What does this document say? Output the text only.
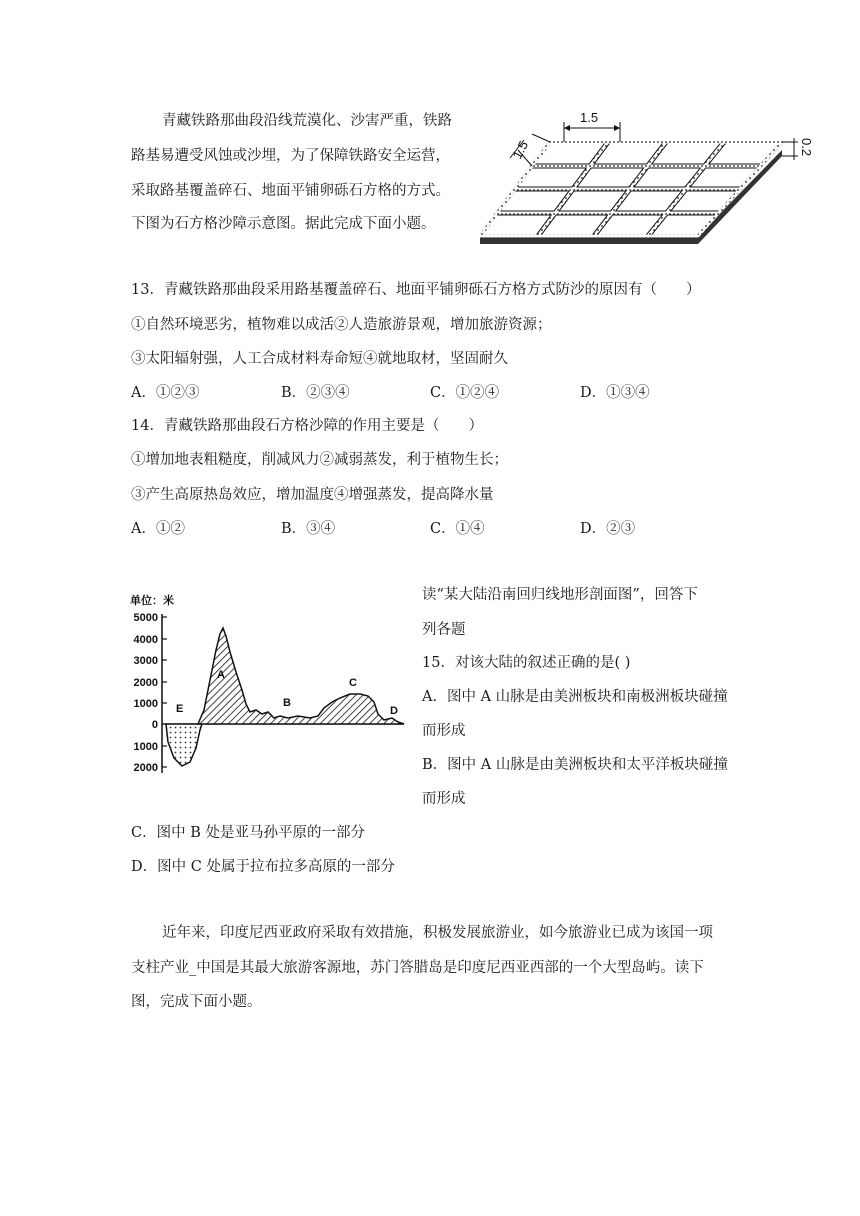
青藏铁路那曲段沿线荒漠化、沙害严重，铁路
路基易遭受风蚀或沙埋，为了保障铁路安全运营，
采取路基覆盖碎石、地面平铺卵砾石方格的方式。
下图为石方格沙障示意图。据此完成下面小题。
1.5
1.5	0.2
13．青藏铁路那曲段采用路基覆盖碎石、地面平铺卵砾石方格方式防沙的原因有（　　）
①自然环境恶劣，植物难以成活②人造旅游景观，增加旅游资源；
③太阳辐射强，人工合成材料寿命短④就地取材，坚固耐久
A．①②③	B．②③④	C．①②④	D．①③④
14．青藏铁路那曲段石方格沙障的作用主要是（　　）
①增加地表粗糙度，削减风力②减弱蒸发，利于植物生长；
③产生高原热岛效应，增加温度④增强蒸发，提高降水量
A．①②	B．③④	C．①④	D．②③
单位：米
5000
4000
3000
2000
1000
0
1000
2000
A
B
C
D
E
读“某大陆沿南回归线地形剖面图”，回答下
列各题
15．对该大陆的叙述正确的是( )
A．图中 A 山脉是由美洲板块和南极洲板块碰撞
而形成
B．图中 A 山脉是由美洲板块和太平洋板块碰撞
而形成
C．图中 B 处是亚马孙平原的一部分
D．图中 C 处属于拉布拉多高原的一部分
近年来，印度尼西亚政府采取有效措施，积极发展旅游业，如今旅游业已成为该国一项
支柱产业_中国是其最大旅游客源地，苏门答腊岛是印度尼西亚西部的一个大型岛屿。读下
图，完成下面小题。
